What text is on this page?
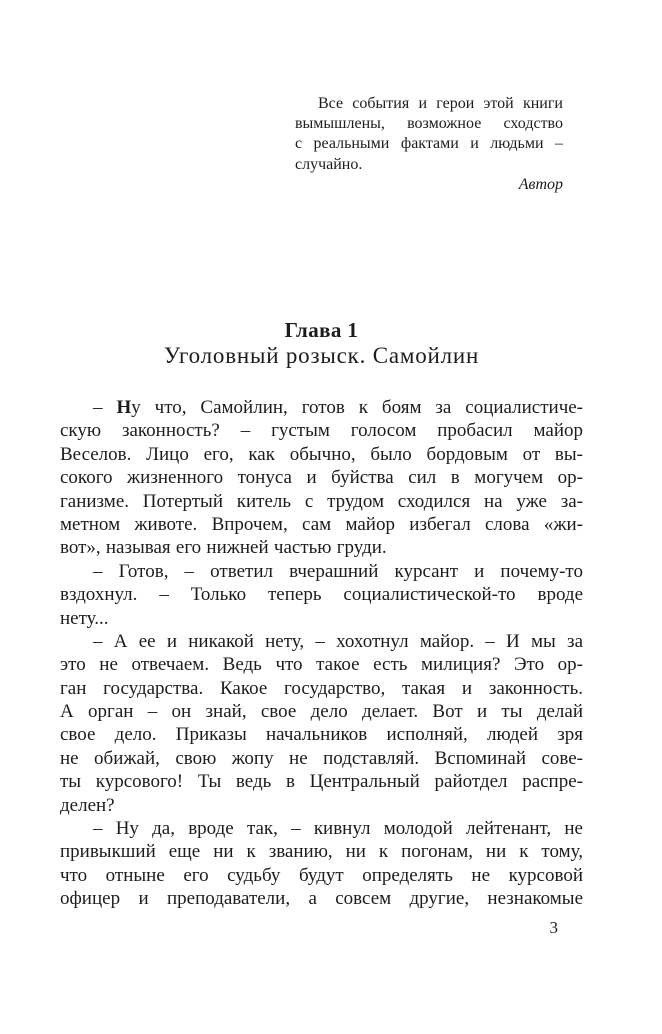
Все события и герои этой книги
вымышлены, возможное сходство
с реальными фактами и людьми –
случайно.
Автор
Глава 1
Уголовный розыск. Самойлин
– Ну что, Самойлин, готов к боям за социалистиче-
скую законность? – густым голосом пробасил майор
Веселов. Лицо его, как обычно, было бордовым от вы-
сокого жизненного тонуса и буйства сил в могучем ор-
ганизме. Потертый китель с трудом сходился на уже за-
метном животе. Впрочем, сам майор избегал слова «жи-
вот», называя его нижней частью груди.
– Готов, – ответил вчерашний курсант и почему-то
вздохнул. – Только теперь социалистической-то вроде
нету...
– А ее и никакой нету, – хохотнул майор. – И мы за
это не отвечаем. Ведь что такое есть милиция? Это ор-
ган государства. Какое государство, такая и законность.
А орган – он знай, свое дело делает. Вот и ты делай
свое дело. Приказы начальников исполняй, людей зря
не обижай, свою жопу не подставляй. Вспоминай сове-
ты курсового! Ты ведь в Центральный райотдел распре-
делен?
– Ну да, вроде так, – кивнул молодой лейтенант, не
привыкший еще ни к званию, ни к погонам, ни к тому,
что отныне его судьбу будут определять не курсовой
офицер и преподаватели, а совсем другие, незнакомые
3
